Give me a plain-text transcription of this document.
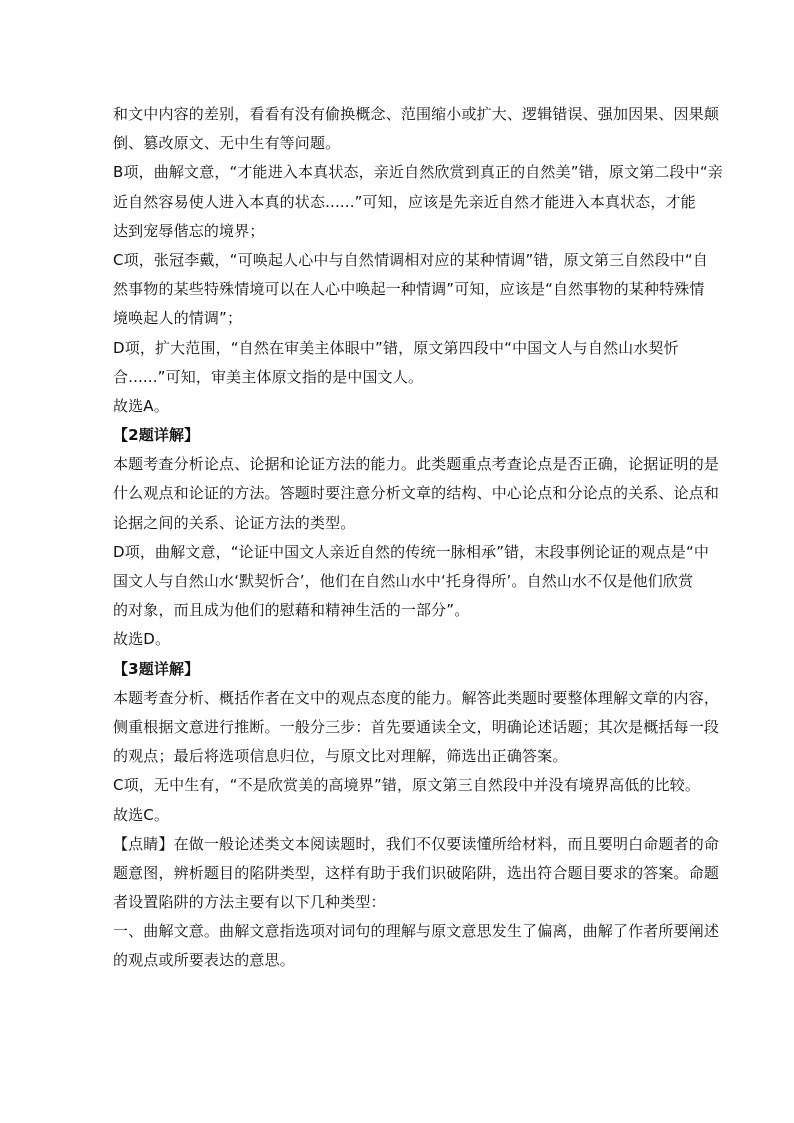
和文中内容的差别，看看有没有偷换概念、范围缩小或扩大、逻辑错误、强加因果、因果颠
倒、篡改原文、无中生有等问题。
B项，曲解文意，“才能进入本真状态，亲近自然欣赏到真正的自然美”错，原文第二段中“亲
近自然容易使人进入本真的状态......”可知，应该是先亲近自然才能进入本真状态，才能
达到宠辱偕忘的境界；
C项，张冠李戴，“可唤起人心中与自然情调相对应的某种情调”错，原文第三自然段中“自
然事物的某些特殊情境可以在人心中唤起一种情调”可知，应该是“自然事物的某种特殊情
境唤起人的情调”；
D项，扩大范围，“自然在审美主体眼中”错，原文第四段中“中国文人与自然山水契忻
合......”可知，审美主体原文指的是中国文人。
故选A。
【2题详解】
本题考查分析论点、论据和论证方法的能力。此类题重点考查论点是否正确，论据证明的是
什么观点和论证的方法。答题时要注意分析文章的结构、中心论点和分论点的关系、论点和
论据之间的关系、论证方法的类型。
D项，曲解文意，“论证中国文人亲近自然的传统一脉相承”错，末段事例论证的观点是“中
国文人与自然山水‘默契忻合’，他们在自然山水中‘托身得所’。自然山水不仅是他们欣赏
的对象，而且成为他们的慰藉和精神生活的一部分”。
故选D。
【3题详解】
本题考查分析、概括作者在文中的观点态度的能力。解答此类题时要整体理解文章的内容，
侧重根据文意进行推断。一般分三步：首先要通读全文，明确论述话题；其次是概括每一段
的观点；最后将选项信息归位，与原文比对理解，筛选出正确答案。
C项，无中生有，“不是欣赏美的高境界”错，原文第三自然段中并没有境界高低的比较。
故选C。
【点睛】在做一般论述类文本阅读题时，我们不仅要读懂所给材料，而且要明白命题者的命
题意图，辨析题目的陷阱类型，这样有助于我们识破陷阱，选出符合题目要求的答案。命题
者设置陷阱的方法主要有以下几种类型：
一、曲解文意。曲解文意指选项对词句的理解与原文意思发生了偏离，曲解了作者所要阐述
的观点或所要表达的意思。
